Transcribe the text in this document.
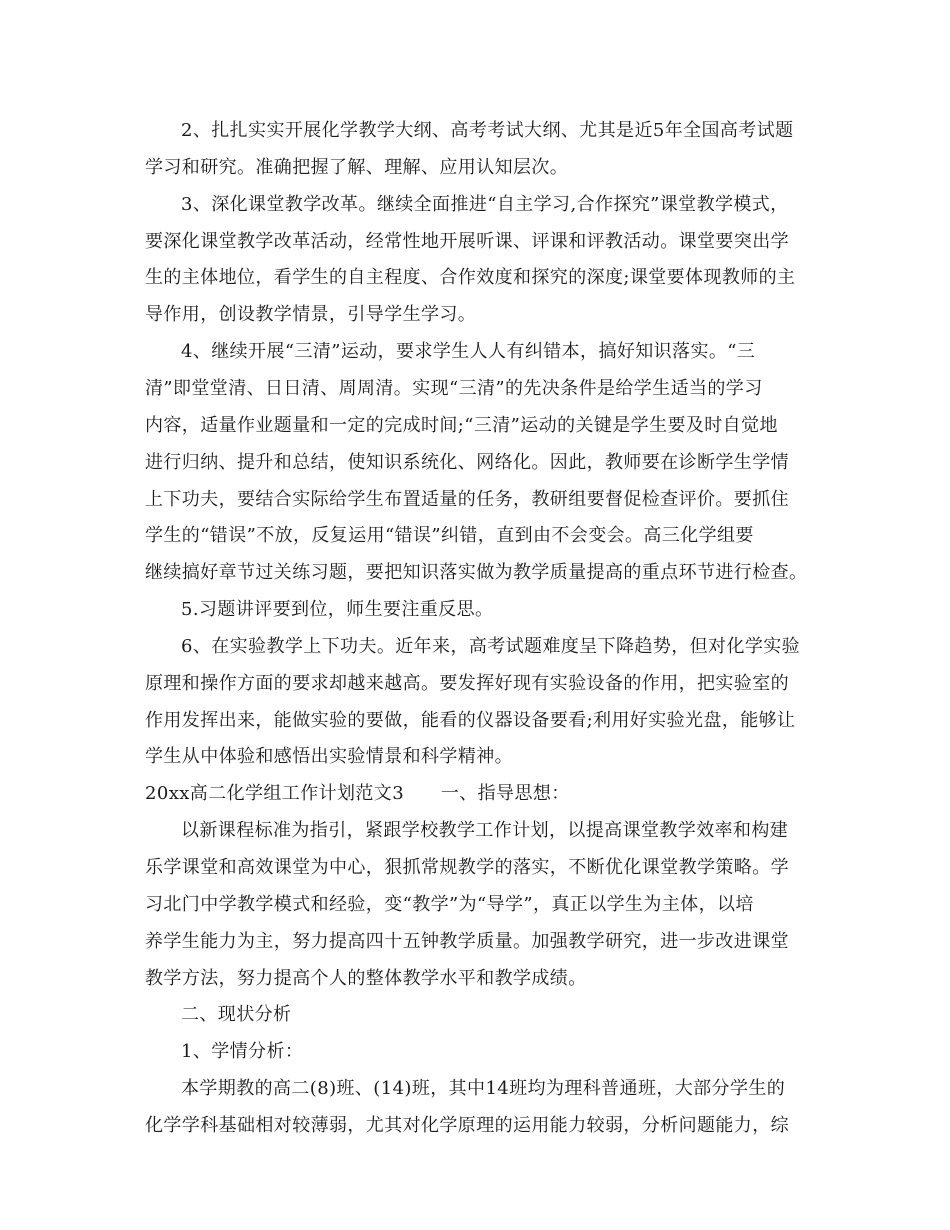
2、扎扎实实开展化学教学大纲、高考考试大纲、尤其是近5年全国高考试题
学习和研究。准确把握了解、理解、应用认知层次。
3、深化课堂教学改革。继续全面推进“自主学习,合作探究”课堂教学模式，
要深化课堂教学改革活动，经常性地开展听课、评课和评教活动。课堂要突出学
生的主体地位，看学生的自主程度、合作效度和探究的深度;课堂要体现教师的主
导作用，创设教学情景，引导学生学习。
4、继续开展“三清”运动，要求学生人人有纠错本，搞好知识落实。“三
清”即堂堂清、日日清、周周清。实现“三清”的先决条件是给学生适当的学习
内容，适量作业题量和一定的完成时间;“三清”运动的关键是学生要及时自觉地
进行归纳、提升和总结，使知识系统化、网络化。因此，教师要在诊断学生学情
上下功夫，要结合实际给学生布置适量的任务，教研组要督促检查评价。要抓住
学生的“错误”不放，反复运用“错误”纠错，直到由不会变会。高三化学组要
继续搞好章节过关练习题，要把知识落实做为教学质量提高的重点环节进行检查。
5.习题讲评要到位，师生要注重反思。
6、在实验教学上下功夫。近年来，高考试题难度呈下降趋势，但对化学实验
原理和操作方面的要求却越来越高。要发挥好现有实验设备的作用，把实验室的
作用发挥出来，能做实验的要做，能看的仪器设备要看;利用好实验光盘，能够让
学生从中体验和感悟出实验情景和科学精神。
20xx高二化学组工作计划范文3　　一、指导思想：
以新课程标准为指引，紧跟学校教学工作计划，以提高课堂教学效率和构建
乐学课堂和高效课堂为中心，狠抓常规教学的落实，不断优化课堂教学策略。学
习北门中学教学模式和经验，变“教学”为“导学”，真正以学生为主体，以培
养学生能力为主，努力提高四十五钟教学质量。加强教学研究，进一步改进课堂
教学方法，努力提高个人的整体教学水平和教学成绩。
二、现状分析
1、学情分析：
本学期教的高二(8)班、(14)班，其中14班均为理科普通班，大部分学生的
化学学科基础相对较薄弱，尤其对化学原理的运用能力较弱，分析问题能力，综
